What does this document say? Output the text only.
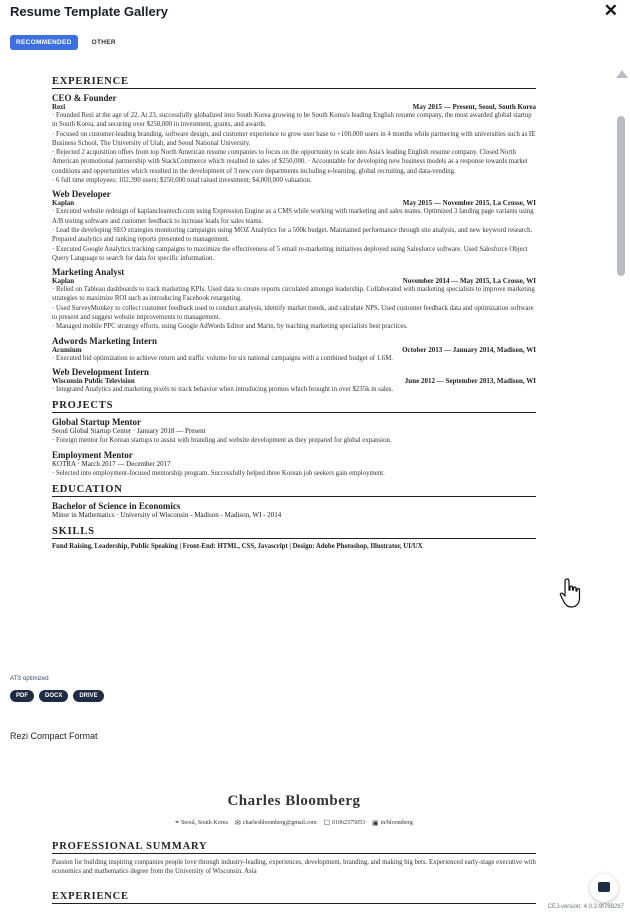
Resume Template Gallery	✕
RECOMMENDED	OTHER
EXPERIENCE
CEO & Founder
Rezi	May 2015 — Present, Seoul, South Korea
· Founded Rezi at the age of 22. At 23, successfully globalized into South Korea growing to be South Korea's leading English resume company, the most awarded global startup in South Korea, and securing over $250,000 in investment, grants, and awards.
· Focused on customer-leading branding, software design, and customer experience to grow user base to +100,000 users in 4 months while partnering with universities such as IE Business School, The University of Utah, and Seoul National University.
· Rejected 2 acquisition offers from top North American resume companies to focus on the opportunity to scale into Asia's leading English resume company. Closed North American promotional partnership with StackCommerce which resulted in sales of $250,000. · Accountable for developing new business models as a response towards market conditions and opportunities which resulted in the development of 3 new core departments including e-learning, global recruiting, and data-vending.
· 6 full time employees; 102,390 users; $250,000 total raised investment; $4,000,000 valuation.
Web Developer
Kaplan	May 2015 — November 2015, La Crosse, WI
· Executed website redesign of kaplancleantech.com using Expression Engine as a CMS while working with marketing and sales teams. Optimized 3 landing page variants using A/B testing software and customer feedback to increase leads for sales teams.
· Lead the developing SEO strategies monitoring campaigns using MOZ Analytics for a 500k budget. Maintained performance through site analysis, and new keyword research. Prepared analytics and ranking reports presented to management.
· Executed Google Analytics tracking campaigns to maximize the effectiveness of 5 email re-marketing initiatives deployed using Salesforce software. Used Salesforce Object Query Language to search for data for specific information.
Marketing Analyst
Kaplan	November 2014 — May 2015, La Crosse, WI
· Relied on Tableau dashboards to track marketing KPIs. Used data to create reports circulated amongst leadership. Collaborated with marketing specialists to improve marketing strategies to maximize ROI such as introducing Facebook retargeting.
· Used SurveyMonkey to collect customer feedback used to conduct analysis, identify market trends, and calculate NPS. Used customer feedback data and optimization software to present and suggest website improvements to management.
· Managed mobile PPC strategy efforts, using Google AdWords Editor and Marin, by teaching marketing specialists best practices.
Adwords Marketing Intern
Acumium	October 2013 — January 2014, Madison, WI
· Executed bid optimization to achieve return and traffic volume for six national campaigns with a combined budget of 1.6M.
Web Development Intern
Wisconsin Public Television	June 2012 — September 2013, Madison, WI
· Integrated Analytics and marketing pixels to track behavior when introducing promos which brought in over $235k in sales.
PROJECTS
Global Startup Mentor
Seoul Global Startup Center · January 2018 — Present
· Foreign mentor for Korean startups to assist with branding and website development as they prepared for global expansion.
Employment Mentor
KOTRA · March 2017 — December 2017
· Selected into employment-focused mentorship program. Successfully helped three Korean job seekers gain employment.
EDUCATION
Bachelor of Science in Economics
Minor in Mathematics · University of Wisconsin - Madison - Madison, WI - 2014
SKILLS
Fund Raising, Leadership, Public Speaking | Front-End: HTML, CSS, Javascript | Design: Adobe Photoshop, Illustrator, UI/UX
ATS optimized
PDF	DOCX	DRIVE
Rezi Compact Format
Charles Bloomberg
⌖ Seoul, South Korea ✉ charlesbloomberg@gmail.com ☐ 01062375053 ▣ in/bloomberg
PROFESSIONAL SUMMARY
Passion for building inspiring companies people love through industry-leading, experiences, development, branding, and making big bets. Experienced early-stage executive with economics and mathematics degree from the University of Wisconsin. Asia
EXPERIENCE
CEJ-version: 4.0.2-9f7882b7
